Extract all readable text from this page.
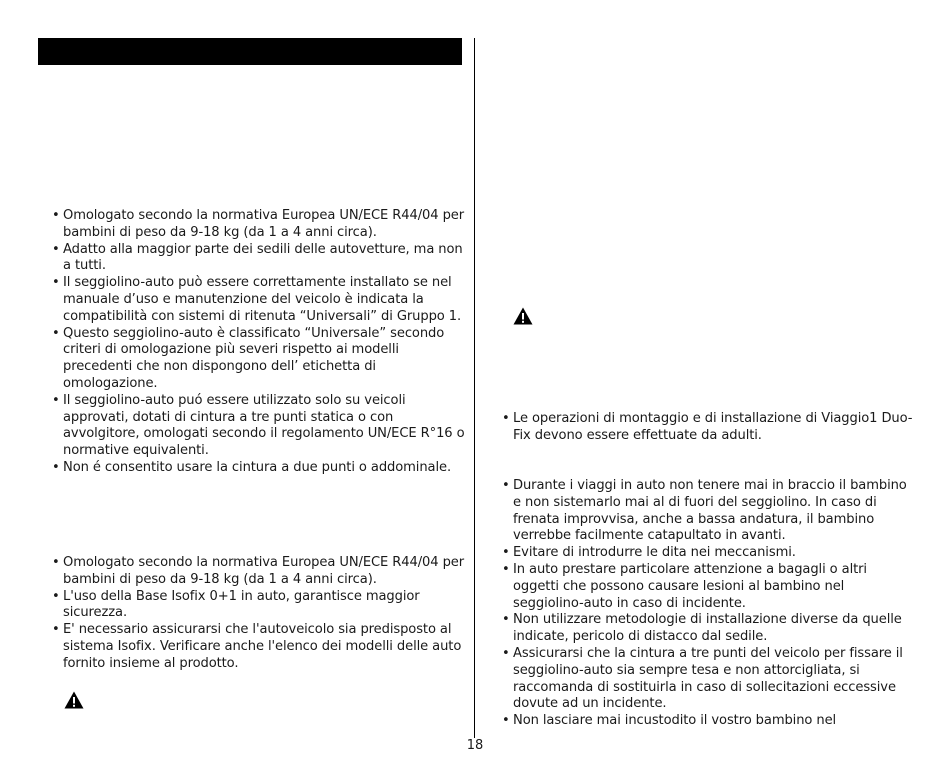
• Omologato secondo la normativa Europea UN/ECE R44/04 per bambini di peso da 9-18 kg (da 1 a 4 anni circa).
• Adatto alla maggior parte dei sedili delle autovetture, ma non a tutti.
• Il seggiolino-auto può essere correttamente installato se nel manuale d’uso e manutenzione del veicolo è indicata la compatibilità con sistemi di ritenuta “Universali” di Gruppo 1.
• Questo seggiolino-auto è classificato “Universale” secondo criteri di omologazione più severi rispetto ai modelli precedenti che non dispongono dell’ etichetta di omologazione.
• Il seggiolino-auto puó essere utilizzato solo su veicoli approvati, dotati di cintura a tre punti statica o con avvolgitore, omologati secondo il regolamento UN/ECE R°16 o normative equivalenti.
• Non é consentito usare la cintura a due punti o addominale.
• Omologato secondo la normativa Europea UN/ECE R44/04 per bambini di peso da 9-18 kg (da 1 a 4 anni circa).
• L'uso della Base Isofix 0+1 in auto, garantisce maggior sicurezza.
• E' necessario assicurarsi che l'autoveicolo sia predisposto al sistema Isofix. Verificare anche l'elenco dei modelli delle auto fornito insieme al prodotto.
• Le operazioni di montaggio e di installazione di Viaggio1 Duo-Fix devono essere effettuate da adulti.
• Durante i viaggi in auto non tenere mai in braccio il bambino e non sistemarlo mai al di fuori del seggiolino. In caso di frenata improvvisa, anche a bassa andatura, il bambino verrebbe facilmente catapultato in avanti.
• Evitare di introdurre le dita nei meccanismi.
• In auto prestare particolare attenzione a bagagli o altri oggetti che possono causare lesioni al bambino nel seggiolino-auto in caso di incidente.
• Non utilizzare metodologie di installazione diverse da quelle indicate, pericolo di distacco dal sedile.
• Assicurarsi che la cintura a tre punti del veicolo per fissare il seggiolino-auto sia sempre tesa e non attorcigliata, si raccomanda di sostituirla in caso di sollecitazioni eccessive dovute ad un incidente.
• Non lasciare mai incustodito il vostro bambino nel
18
